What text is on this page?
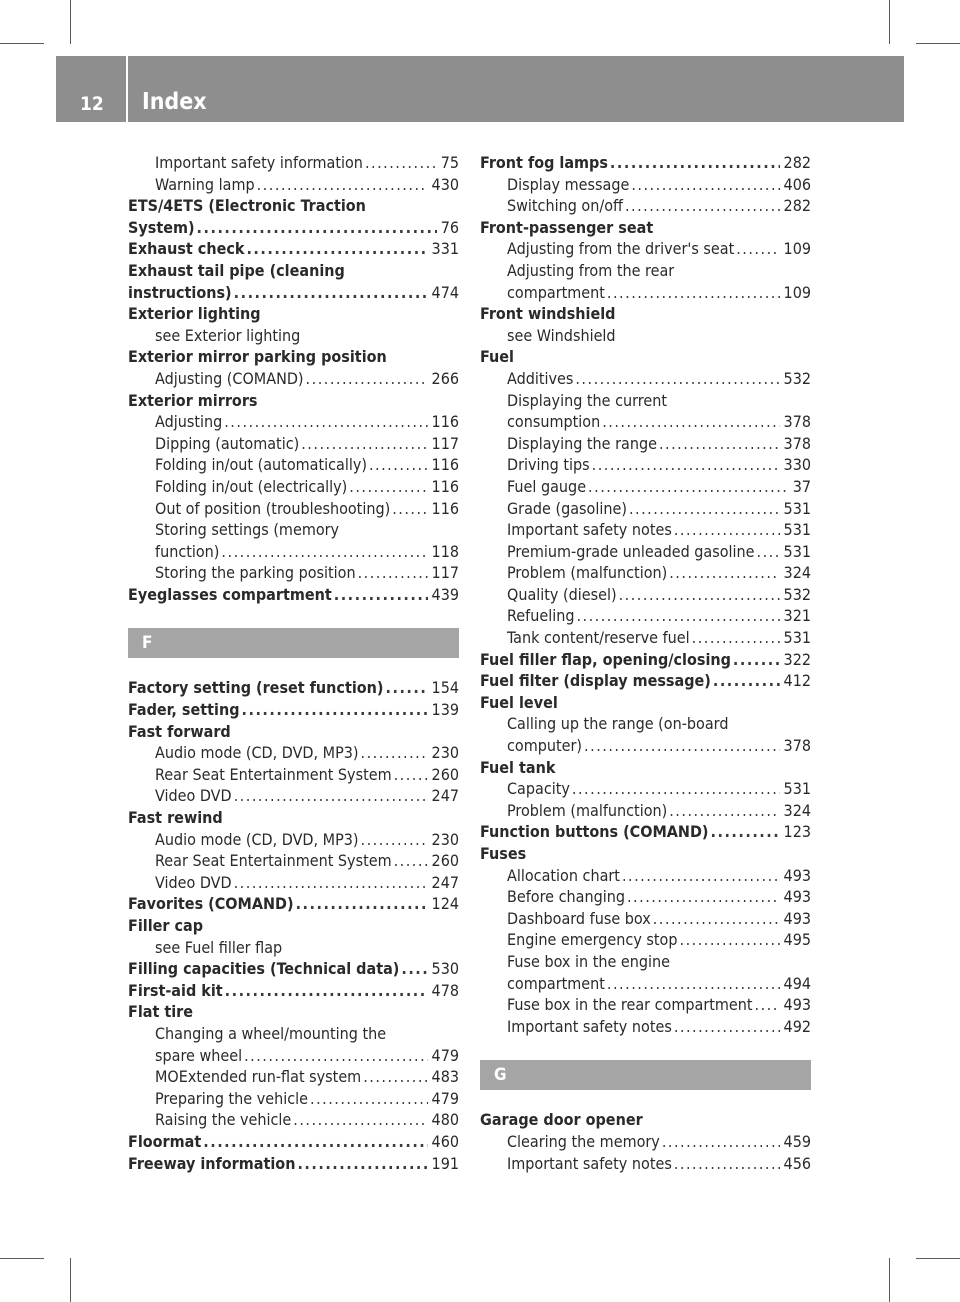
12 Index
Important safety information .....	75
Warning lamp .....	430
ETS/4ETS (Electronic Traction
System) .....	76
Exhaust check .....	331
Exhaust tail pipe (cleaning
instructions) .....	474
Exterior lighting
see Exterior lighting
Exterior mirror parking position
Adjusting (COMAND) .....	266
Exterior mirrors
Adjusting .....	116
Dipping (automatic) .....	117
Folding in/out (automatically) .....	116
Folding in/out (electrically) .....	116
Out of position (troubleshooting) .....	116
Storing settings (memory
function) .....	118
Storing the parking position .....	117
Eyeglasses compartment .....	439
F
Factory setting (reset function) .....	154
Fader, setting .....	139
Fast forward
Audio mode (CD, DVD, MP3) .....	230
Rear Seat Entertainment System ..... 260
Video DVD .....	247
Fast rewind
Audio mode (CD, DVD, MP3) .....	230
Rear Seat Entertainment System ..... 260
Video DVD .....	247
Favorites (COMAND) .....	124
Filler cap
see Fuel filler flap
Filling capacities (Technical data) ..... 530
First-aid kit .....	478
Flat tire
Changing a wheel/mounting the
spare wheel .....	479
MOExtended run-flat system .....	483
Preparing the vehicle .....	479
Raising the vehicle .....	480
Floormat .....	460
Freeway information .....	191
Front fog lamps .....	282
Display message .....	406
Switching on/off .....	282
Front-passenger seat
Adjusting from the driver's seat .....	109
Adjusting from the rear
compartment .....	109
Front windshield
see Windshield
Fuel
Additives .....	532
Displaying the current
consumption .....	378
Displaying the range .....	378
Driving tips .....	330
Fuel gauge .....	37
Grade (gasoline) .....	531
Important safety notes .....	531
Premium-grade unleaded gasoline ..... 531
Problem (malfunction) .....	324
Quality (diesel) .....	532
Refueling .....	321
Tank content/reserve fuel .....	531
Fuel filler flap, opening/closing .....	322
Fuel filter (display message) .....	412
Fuel level
Calling up the range (on-board
computer) .....	378
Fuel tank
Capacity .....	531
Problem (malfunction) .....	324
Function buttons (COMAND) .....	123
Fuses
Allocation chart .....	493
Before changing .....	493
Dashboard fuse box .....	493
Engine emergency stop .....	495
Fuse box in the engine
compartment .....	494
Fuse box in the rear compartment ..... 493
Important safety notes .....	492
G
Garage door opener
Clearing the memory .....	459
Important safety notes .....	456
